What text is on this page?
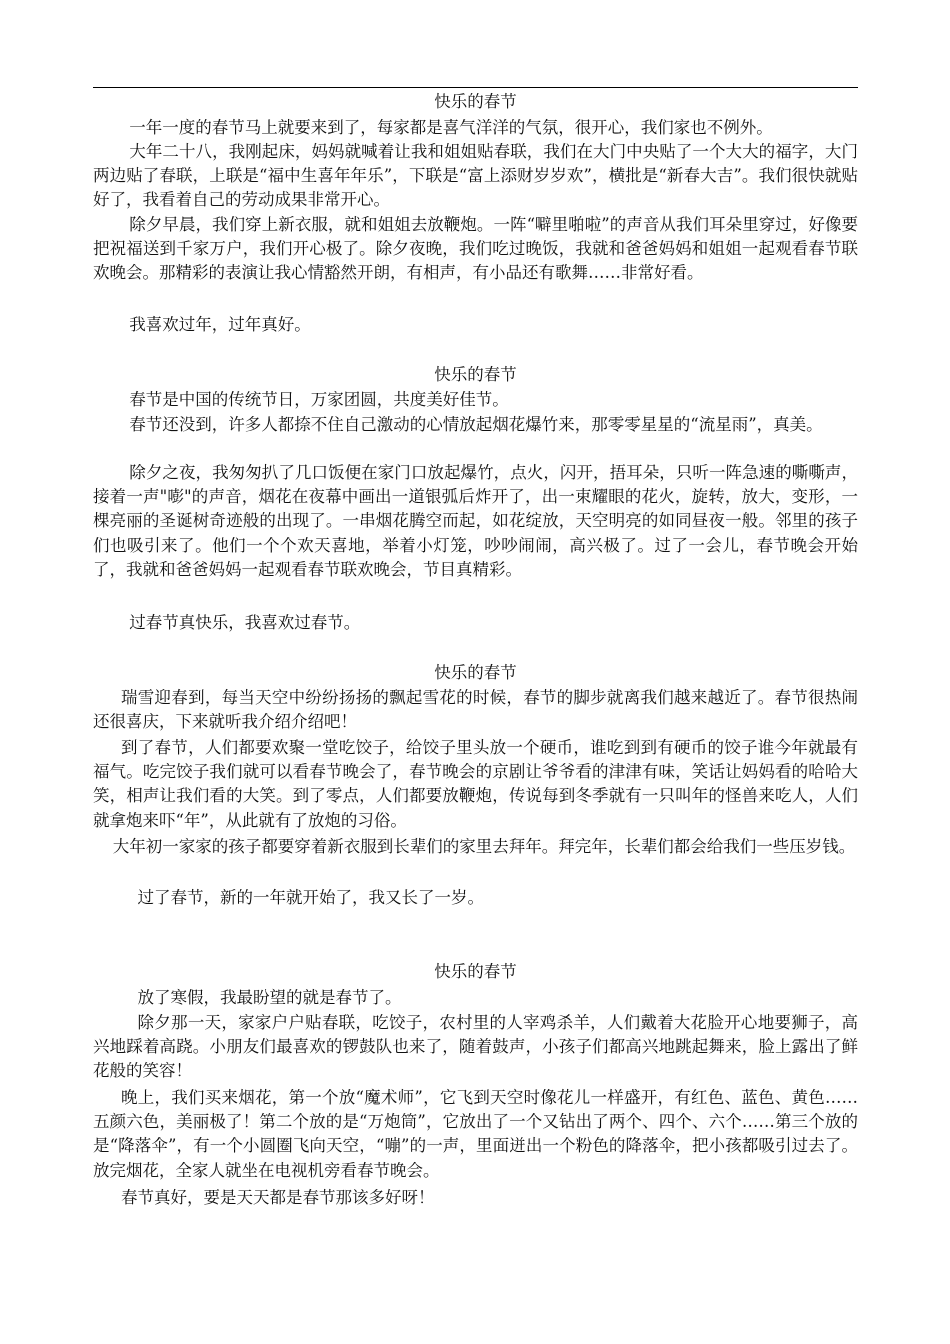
快乐的春节

一年一度的春节马上就要来到了，每家都是喜气洋洋的气氛，很开心，我们家也不例外。

大年二十八，我刚起床，妈妈就喊着让我和姐姐贴春联，我们在大门中央贴了一个大大的福字，大门两边贴了春联，上联是“福中生喜年年乐”，下联是“富上添财岁岁欢”，横批是“新春大吉”。我们很快就贴好了，我看着自己的劳动成果非常开心。

除夕早晨，我们穿上新衣服，就和姐姐去放鞭炮。一阵“噼里啪啦”的声音从我们耳朵里穿过，好像要把祝福送到千家万户，我们开心极了。除夕夜晚，我们吃过晚饭，我就和爸爸妈妈和姐姐一起观看春节联欢晚会。那精彩的表演让我心情豁然开朗，有相声，有小品还有歌舞……非常好看。

我喜欢过年，过年真好。

快乐的春节

春节是中国的传统节日，万家团圆，共度美好佳节。

春节还没到，许多人都捺不住自己激动的心情放起烟花爆竹来，那零零星星的“流星雨”，真美。

除夕之夜，我匆匆扒了几口饭便在家门口放起爆竹，点火，闪开，捂耳朵，只听一阵急速的嘶嘶声，接着一声"嘭"的声音，烟花在夜幕中画出一道银弧后炸开了，出一束耀眼的花火，旋转，放大，变形，一棵亮丽的圣诞树奇迹般的出现了。一串烟花腾空而起，如花绽放，天空明亮的如同昼夜一般。邻里的孩子们也吸引来了。他们一个个欢天喜地，举着小灯笼，吵吵闹闹，高兴极了。过了一会儿，春节晚会开始了，我就和爸爸妈妈一起观看春节联欢晚会，节目真精彩。

过春节真快乐，我喜欢过春节。

快乐的春节

瑞雪迎春到，每当天空中纷纷扬扬的飘起雪花的时候，春节的脚步就离我们越来越近了。春节很热闹还很喜庆，下来就听我介绍介绍吧！

到了春节，人们都要欢聚一堂吃饺子，给饺子里头放一个硬币，谁吃到到有硬币的饺子谁今年就最有福气。吃完饺子我们就可以看春节晚会了，春节晚会的京剧让爷爷看的津津有味，笑话让妈妈看的哈哈大笑，相声让我们看的大笑。到了零点，人们都要放鞭炮，传说每到冬季就有一只叫年的怪兽来吃人，人们就拿炮来吓“年”，从此就有了放炮的习俗。

大年初一家家的孩子都要穿着新衣服到长辈们的家里去拜年。拜完年，长辈们都会给我们一些压岁钱。

过了春节，新的一年就开始了，我又长了一岁。

快乐的春节

放了寒假，我最盼望的就是春节了。

除夕那一天，家家户户贴春联，吃饺子，农村里的人宰鸡杀羊，人们戴着大花脸开心地要狮子，高兴地踩着高跷。小朋友们最喜欢的锣鼓队也来了，随着鼓声，小孩子们都高兴地跳起舞来，脸上露出了鲜花般的笑容！

晚上，我们买来烟花，第一个放“魔术师”，它飞到天空时像花儿一样盛开，有红色、蓝色、黄色……五颜六色，美丽极了！第二个放的是“万炮筒”，它放出了一个又钻出了两个、四个、六个……第三个放的是“降落伞”，有一个小圆圈飞向天空，“嘣”的一声，里面迸出一个粉色的降落伞，把小孩都吸引过去了。放完烟花，全家人就坐在电视机旁看春节晚会。

春节真好，要是天天都是春节那该多好呀！
